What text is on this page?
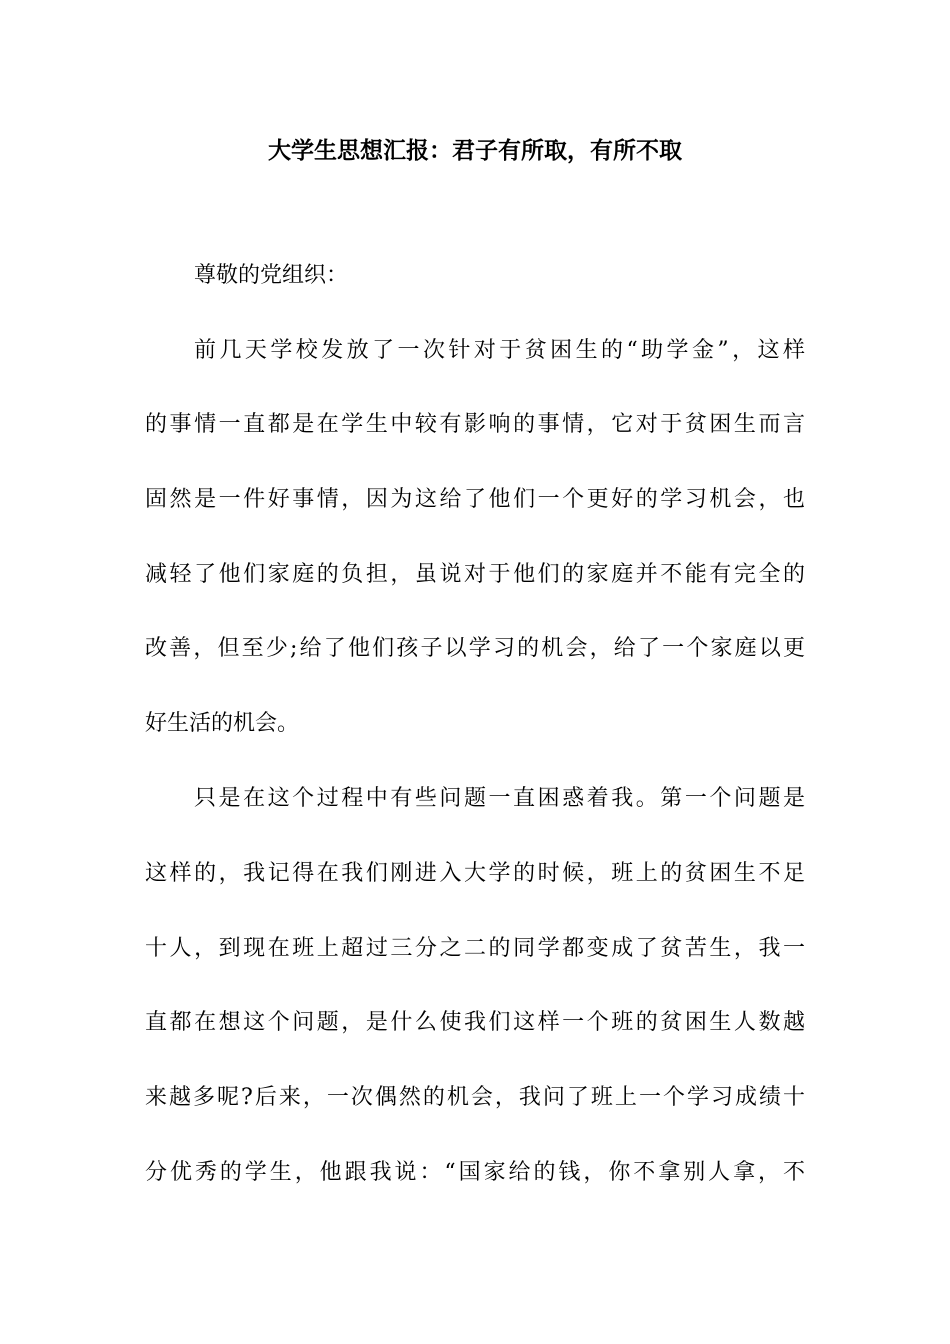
大学生思想汇报：君子有所取，有所不取
尊敬的党组织：
前几天学校发放了一次针对于贫困生的“助学金”，这样
的事情一直都是在学生中较有影响的事情，它对于贫困生而言
固然是一件好事情，因为这给了他们一个更好的学习机会，也
减轻了他们家庭的负担，虽说对于他们的家庭并不能有完全的
改善，但至少;给了他们孩子以学习的机会，给了一个家庭以更
好生活的机会。
只是在这个过程中有些问题一直困惑着我。第一个问题是
这样的，我记得在我们刚进入大学的时候，班上的贫困生不足
十人，到现在班上超过三分之二的同学都变成了贫苦生，我一
直都在想这个问题，是什么使我们这样一个班的贫困生人数越
来越多呢?后来，一次偶然的机会，我问了班上一个学习成绩十
分优秀的学生，他跟我说：“国家给的钱，你不拿别人拿，不
